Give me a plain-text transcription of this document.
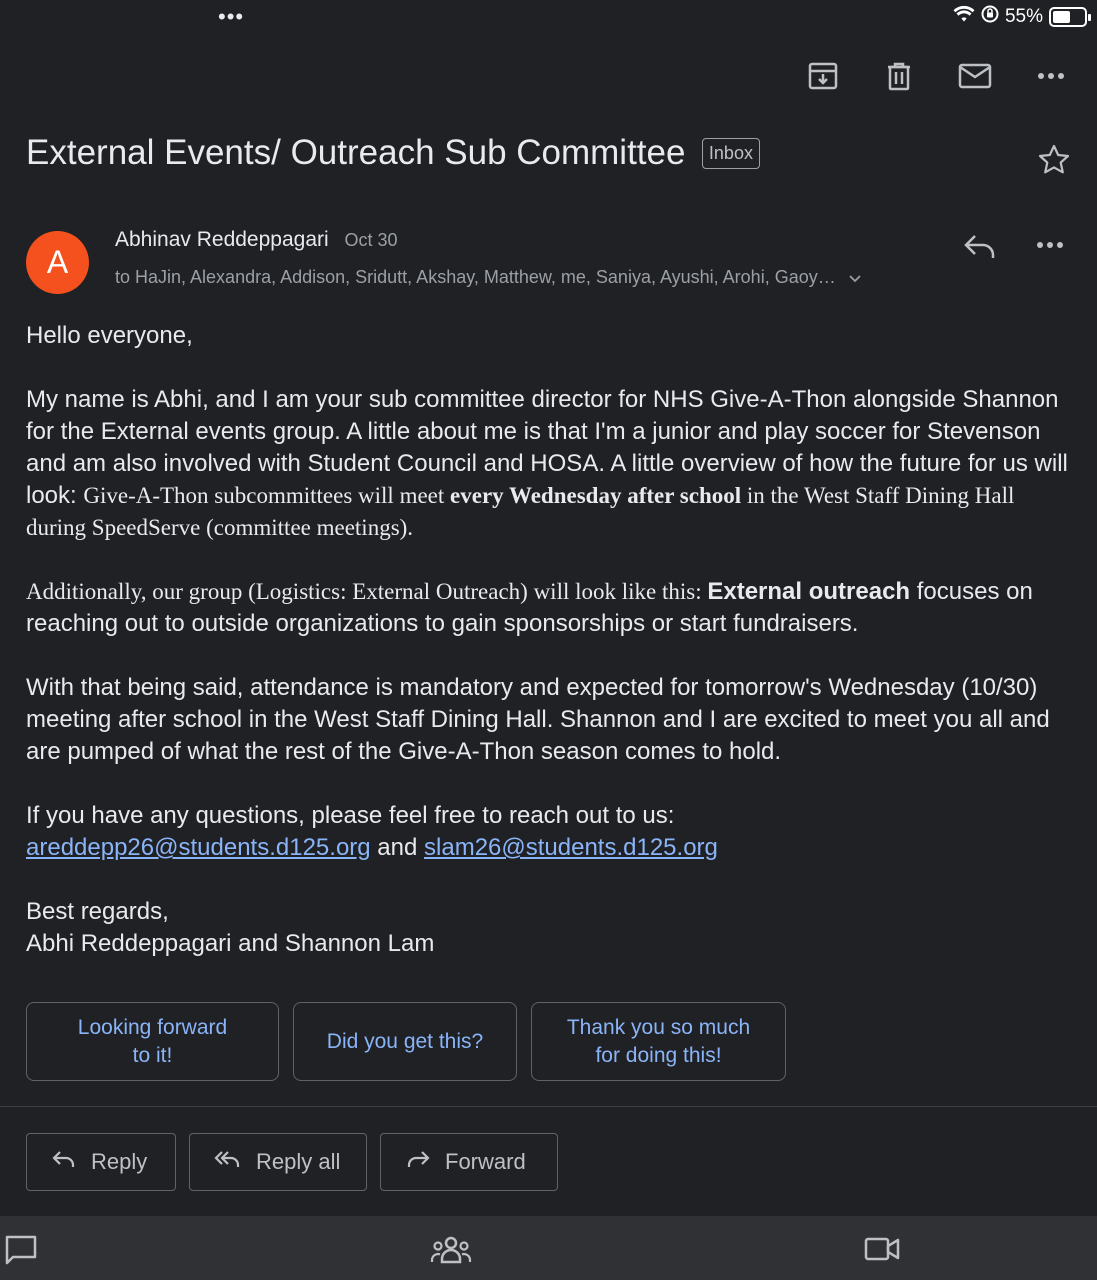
•••	55%
External Events/ Outreach Sub Committee Inbox
A
Abhinav Reddeppagari Oct 30
to HaJin, Alexandra, Addison, Sridutt, Akshay, Matthew, me, Saniya, Ayushi, Arohi, Gaoy…

Hello everyone,

My name is Abhi, and I am your sub committee director for NHS Give-A-Thon alongside Shannon for the External events group. A little about me is that I'm a junior and play soccer for Stevenson and am also involved with Student Council and HOSA. A little overview of how the future for us will look: Give-A-Thon subcommittees will meet every Wednesday after school in the West Staff Dining Hall during SpeedServe (committee meetings).

Additionally, our group (Logistics: External Outreach) will look like this: External outreach focuses on reaching out to outside organizations to gain sponsorships or start fundraisers.

With that being said, attendance is mandatory and expected for tomorrow's Wednesday (10/30) meeting after school in the West Staff Dining Hall. Shannon and I are excited to meet you all and are pumped of what the rest of the Give-A-Thon season comes to hold.

If you have any questions, please feel free to reach out to us:
areddepp26@students.d125.org and slam26@students.d125.org

Best regards,
Abhi Reddeppagari and Shannon Lam

Looking forward
to it!
Did you get this?
Thank you so much
for doing this!
Reply	Reply all	Forward
